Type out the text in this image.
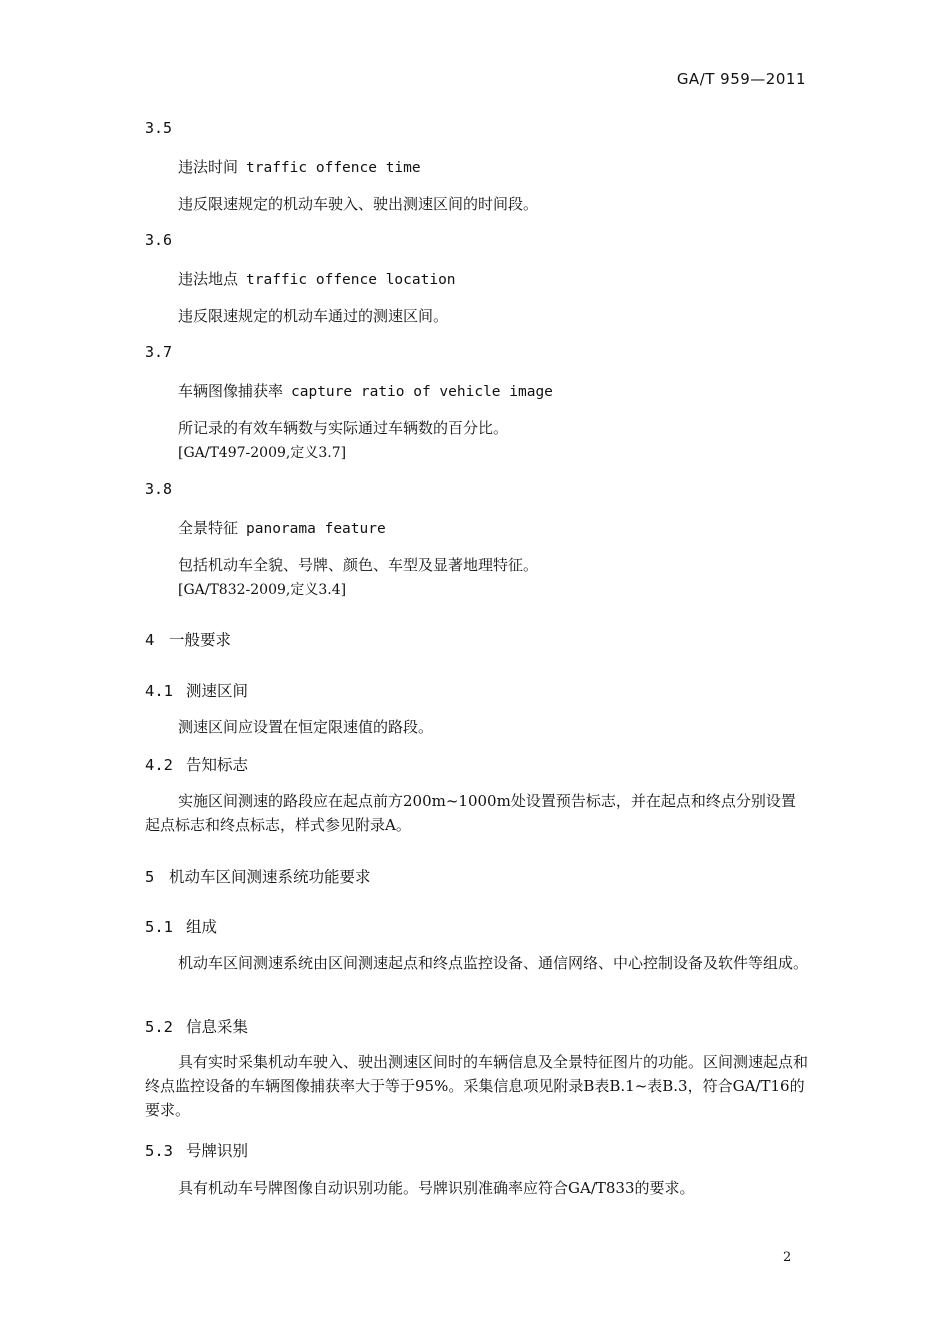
GA/T 959—2011
3.5
违法时间 traffic offence time
违反限速规定的机动车驶入、驶出测速区间的时间段。
3.6
违法地点 traffic offence location
违反限速规定的机动车通过的测速区间。
3.7
车辆图像捕获率 capture ratio of vehicle image
所记录的有效车辆数与实际通过车辆数的百分比。
[GA/T497-2009,定义3.7]
3.8
全景特征 panorama feature
包括机动车全貌、号牌、颜色、车型及显著地理特征。
[GA/T832-2009,定义3.4]
4 一般要求
4.1 测速区间
测速区间应设置在恒定限速值的路段。
4.2 告知标志
实施区间测速的路段应在起点前方200m~1000m处设置预告标志，并在起点和终点分别设置起点标志和终点标志，样式参见附录A。
5 机动车区间测速系统功能要求
5.1 组成
机动车区间测速系统由区间测速起点和终点监控设备、通信网络、中心控制设备及软件等组成。
5.2 信息采集
具有实时采集机动车驶入、驶出测速区间时的车辆信息及全景特征图片的功能。区间测速起点和终点监控设备的车辆图像捕获率大于等于95%。采集信息项见附录B表B.1~表B.3，符合GA/T16的要求。
5.3 号牌识别
具有机动车号牌图像自动识别功能。号牌识别准确率应符合GA/T833的要求。
2
